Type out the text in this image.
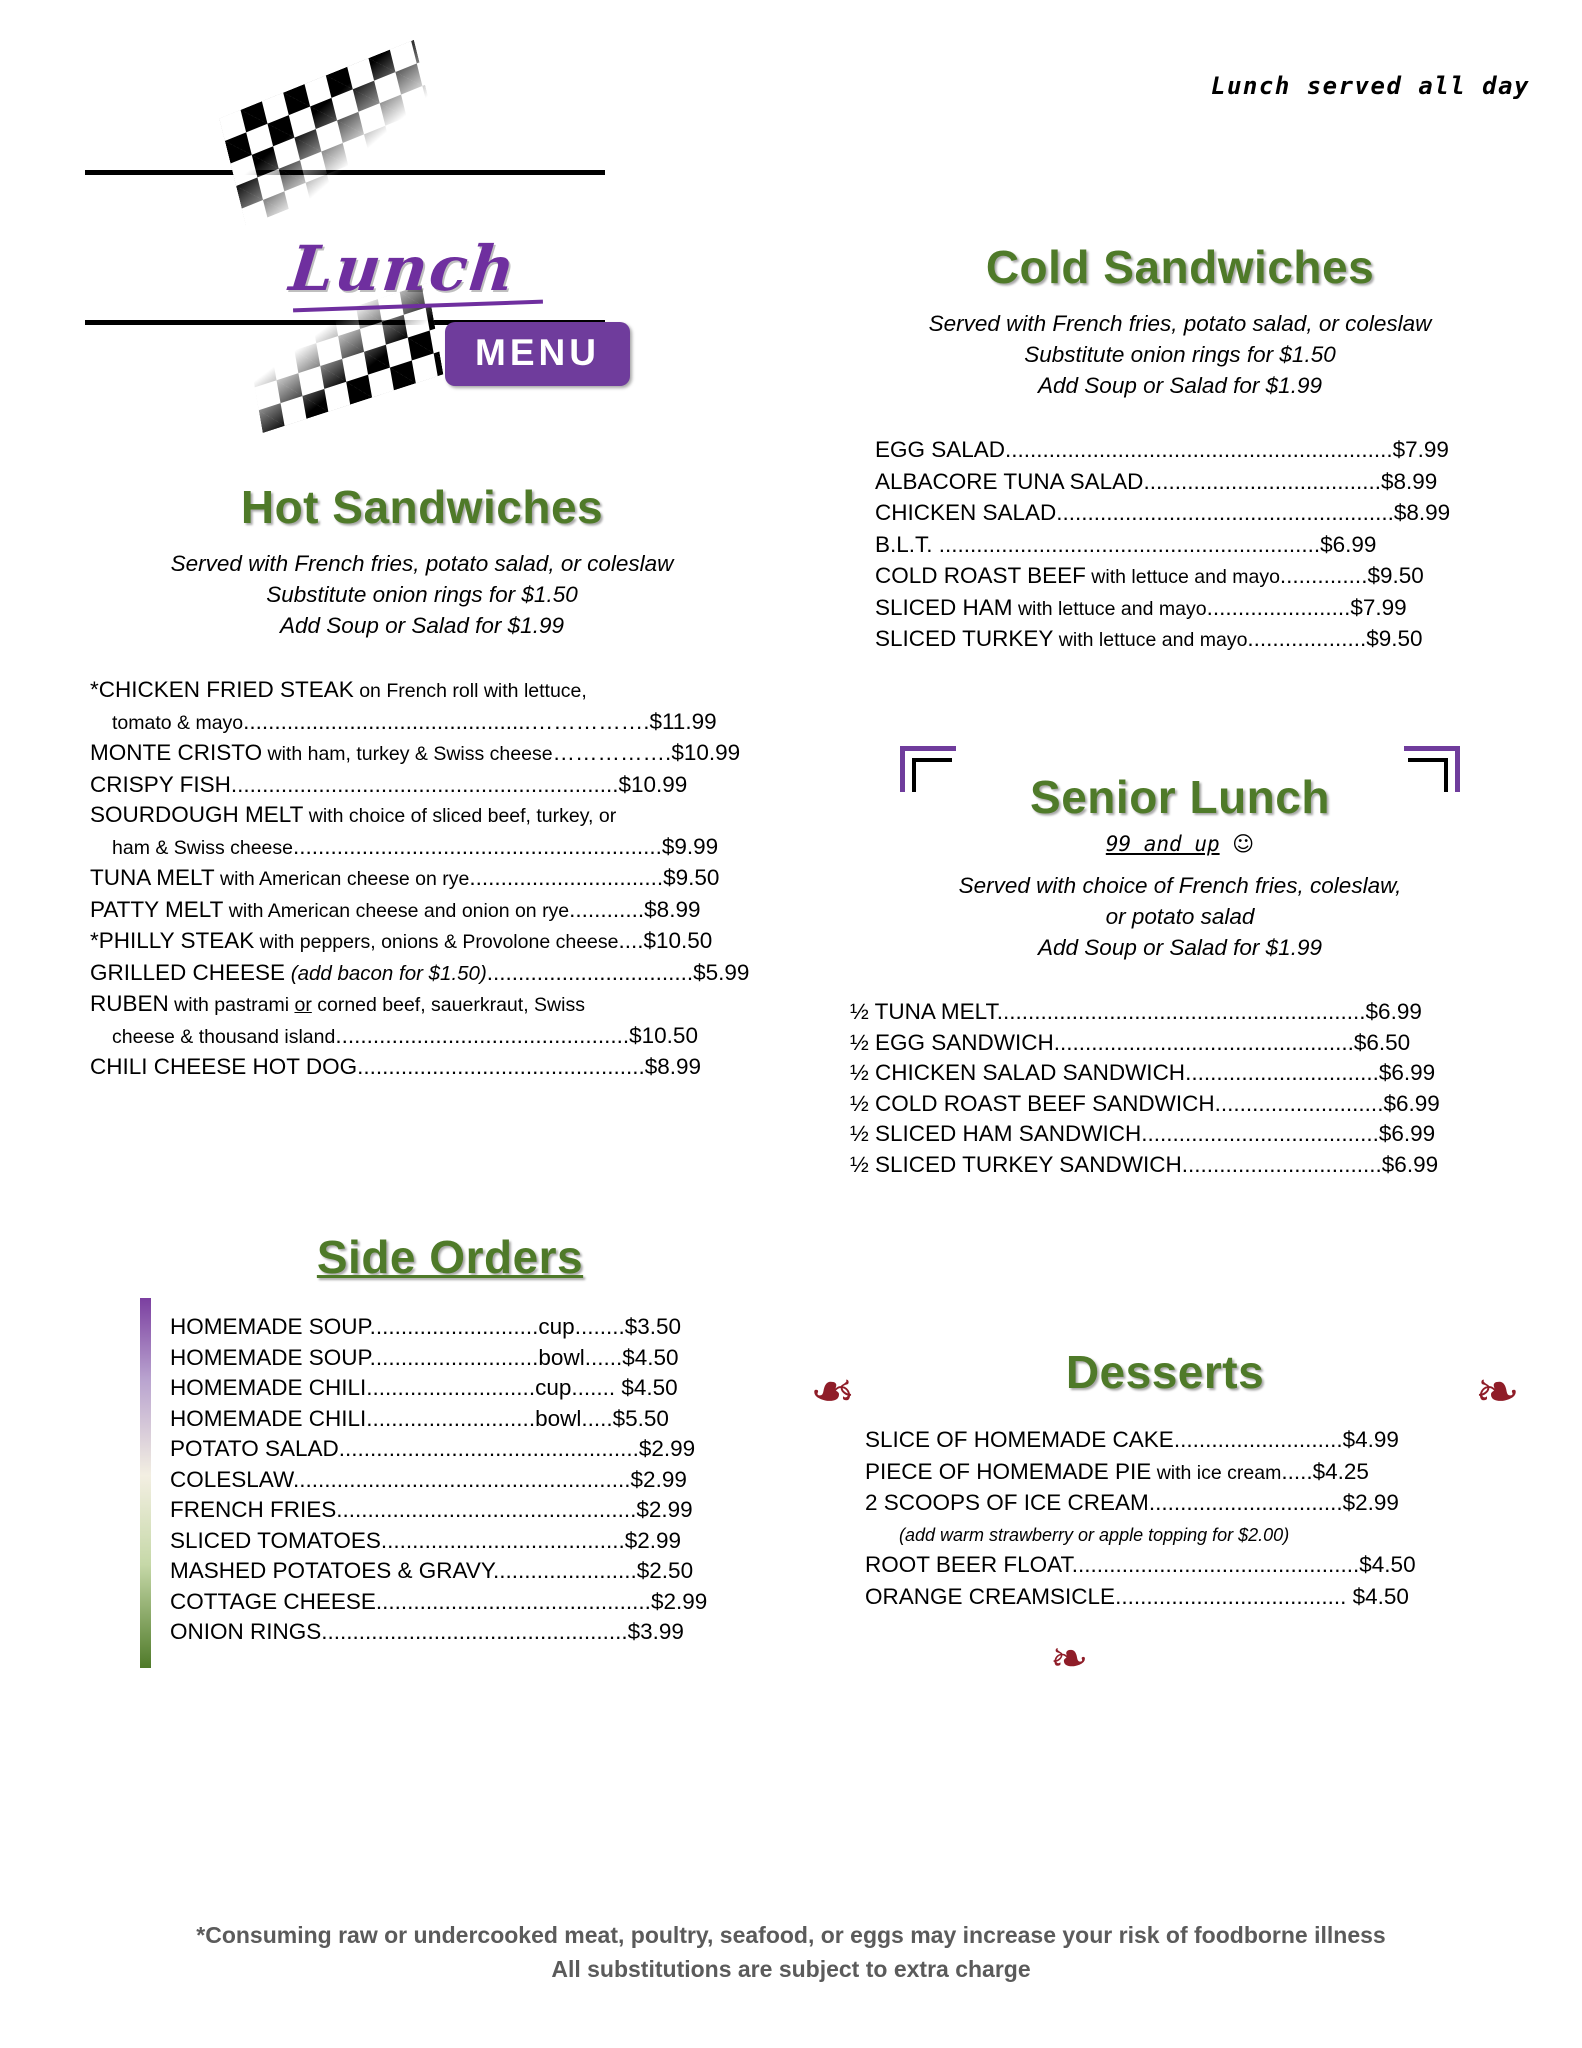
Lunch served all day
Lunch
MENU
Hot Sandwiches
Served with French fries, potato salad, or coleslaw
Substitute onion rings for $1.50
Add Soup or Salad for $1.99
*CHICKEN FRIED STEAK on French roll with lettuce,
tomato & mayo..............................................…………….$11.99
MONTE CRISTO with ham, turkey & Swiss cheese…………….$10.99
CRISPY FISH..............................................................$10.99
SOURDOUGH MELT with choice of sliced beef, turkey, or
ham & Swiss cheese...........................................................$9.99
TUNA MELT with American cheese on rye...............................$9.50
PATTY MELT with American cheese and onion on rye............$8.99
*PHILLY STEAK with peppers, onions & Provolone cheese....$10.50
GRILLED CHEESE (add bacon for $1.50).................................$5.99
RUBEN with pastrami or corned beef, sauerkraut, Swiss
cheese & thousand island...............................................$10.50
CHILI CHEESE HOT DOG..............................................$8.99
Side Orders
HOMEMADE SOUP...........................cup........$3.50
HOMEMADE SOUP...........................bowl......$4.50
HOMEMADE CHILI...........................cup....... $4.50
HOMEMADE CHILI...........................bowl.....$5.50
POTATO SALAD................................................$2.99
COLESLAW......................................................$2.99
FRENCH FRIES................................................$2.99
SLICED TOMATOES.......................................$2.99
MASHED POTATOES & GRAVY.......................$2.50
COTTAGE CHEESE............................................$2.99
ONION RINGS.................................................$3.99
Cold Sandwiches
Served with French fries, potato salad, or coleslaw
Substitute onion rings for $1.50
Add Soup or Salad for $1.99
EGG SALAD..............................................................$7.99
ALBACORE TUNA SALAD......................................$8.99
CHICKEN SALAD......................................................$8.99
B.L.T. .............................................................$6.99
COLD ROAST BEEF with lettuce and mayo..............$9.50
SLICED HAM with lettuce and mayo.......................$7.99
SLICED TURKEY with lettuce and mayo...................$9.50
Senior Lunch
99 and up ☺
Served with choice of French fries, coleslaw,
or potato salad
Add Soup or Salad for $1.99
½ TUNA MELT...........................................................$6.99
½ EGG SANDWICH................................................$6.50
½ CHICKEN SALAD SANDWICH...............................$6.99
½ COLD ROAST BEEF SANDWICH...........................$6.99
½ SLICED HAM SANDWICH......................................$6.99
½ SLICED TURKEY SANDWICH................................$6.99
❧	❧
Desserts
SLICE OF HOMEMADE CAKE...........................$4.99
PIECE OF HOMEMADE PIE with ice cream.....$4.25
2 SCOOPS OF ICE CREAM...............................$2.99
(add warm strawberry or apple topping for $2.00)
ROOT BEER FLOAT..............................................$4.50
ORANGE CREAMSICLE..................................... $4.50
❧
*Consuming raw or undercooked meat, poultry, seafood, or eggs may increase your risk of foodborne illness
All substitutions are subject to extra charge
